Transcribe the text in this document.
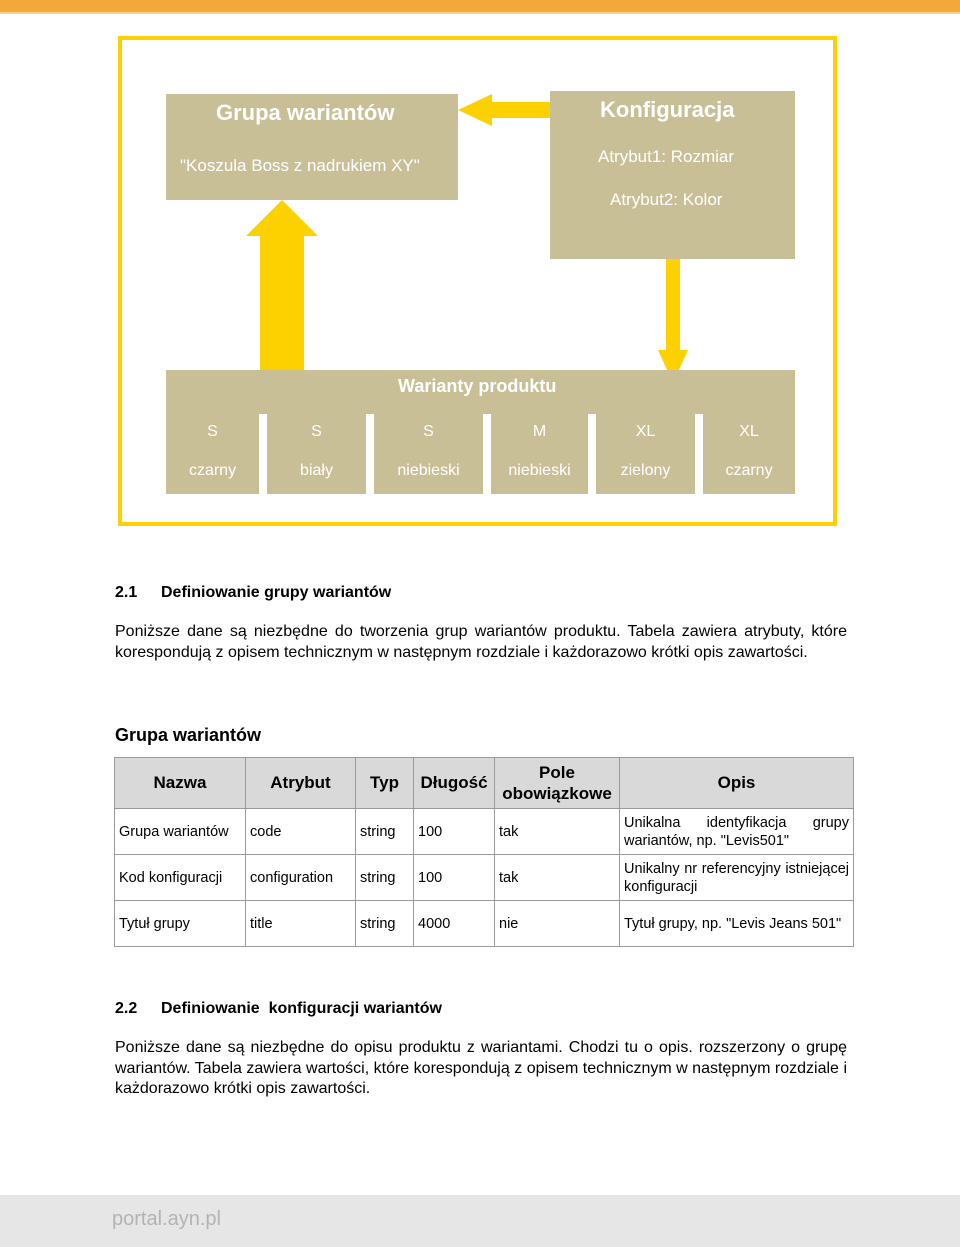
Grupa wariantów
"Koszula Boss z nadrukiem XY"
Konfiguracja
Atrybut1: Rozmiar
Atrybut2: Kolor
Warianty produktu
S
czarny
S
biały
S
niebieski
M
niebieski
XL
zielony
XL
czarny
2.1 Definiowanie grupy wariantów
Poniższe dane są niezbędne do tworzenia grup wariantów produktu. Tabela zawiera atrybuty, które korespondują z opisem technicznym w następnym rozdziale i każdorazowo krótki opis zawartości.
Grupa wariantów
Nazwa	Atrybut	Typ	Długość	Pole obowiązkowe	Opis
Grupa wariantów	code	string	100	tak	Unikalna identyfikacja grupy wariantów, np. "Levis501"
Kod konfiguracji	configuration	string	100	tak	Unikalny nr referencyjny istniejącej konfiguracji
Tytuł grupy	title	string	4000	nie	Tytuł grupy, np. "Levis Jeans 501"
2.2 Definiowanie  konfiguracji wariantów
Poniższe dane są niezbędne do opisu produktu z wariantami. Chodzi tu o opis. rozszerzony o grupę wariantów. Tabela zawiera wartości, które korespondują z opisem technicznym w następnym rozdziale i każdorazowo krótki opis zawartości.
portal.ayn.pl
